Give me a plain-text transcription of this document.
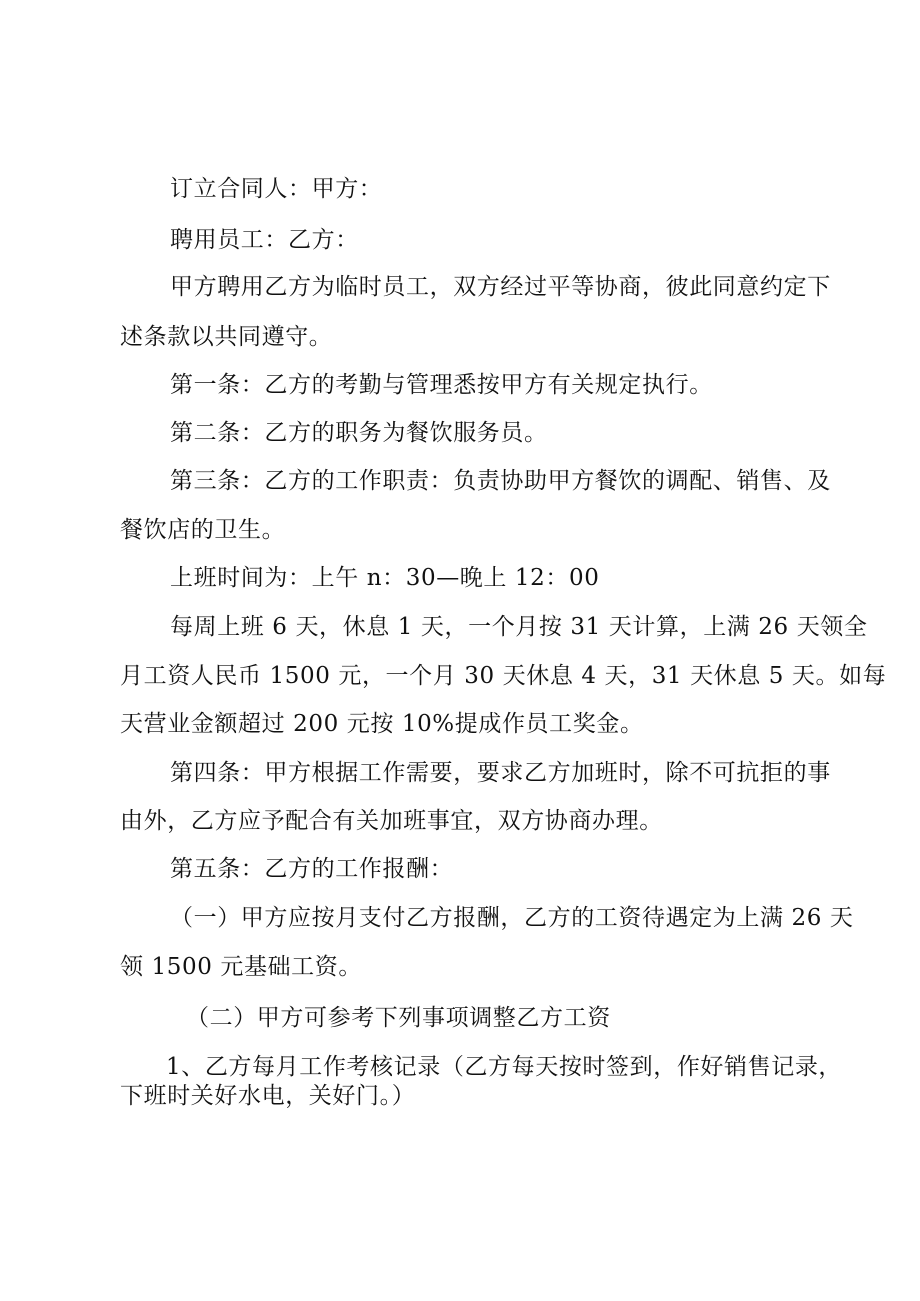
订立合同人：甲方：
聘用员工：乙方：
甲方聘用乙方为临时员工，双方经过平等协商，彼此同意约定下
述条款以共同遵守。
第一条：乙方的考勤与管理悉按甲方有关规定执行。
第二条：乙方的职务为餐饮服务员。
第三条：乙方的工作职责：负责协助甲方餐饮的调配、销售、及
餐饮店的卫生。
上班时间为：上午 n：30—晚上 12：00
每周上班 6 天，休息 1 天，一个月按 31 天计算，上满 26 天领全
月工资人民币 1500 元，一个月 30 天休息 4 天，31 天休息 5 天。如每
天营业金额超过 200 元按 10%提成作员工奖金。
第四条：甲方根据工作需要，要求乙方加班时，除不可抗拒的事
由外，乙方应予配合有关加班事宜，双方协商办理。
第五条：乙方的工作报酬：
（一）甲方应按月支付乙方报酬，乙方的工资待遇定为上满 26 天
领 1500 元基础工资。
（二）甲方可参考下列事项调整乙方工资
1、乙方每月工作考核记录（乙方每天按时签到，作好销售记录，
下班时关好水电，关好门。）
